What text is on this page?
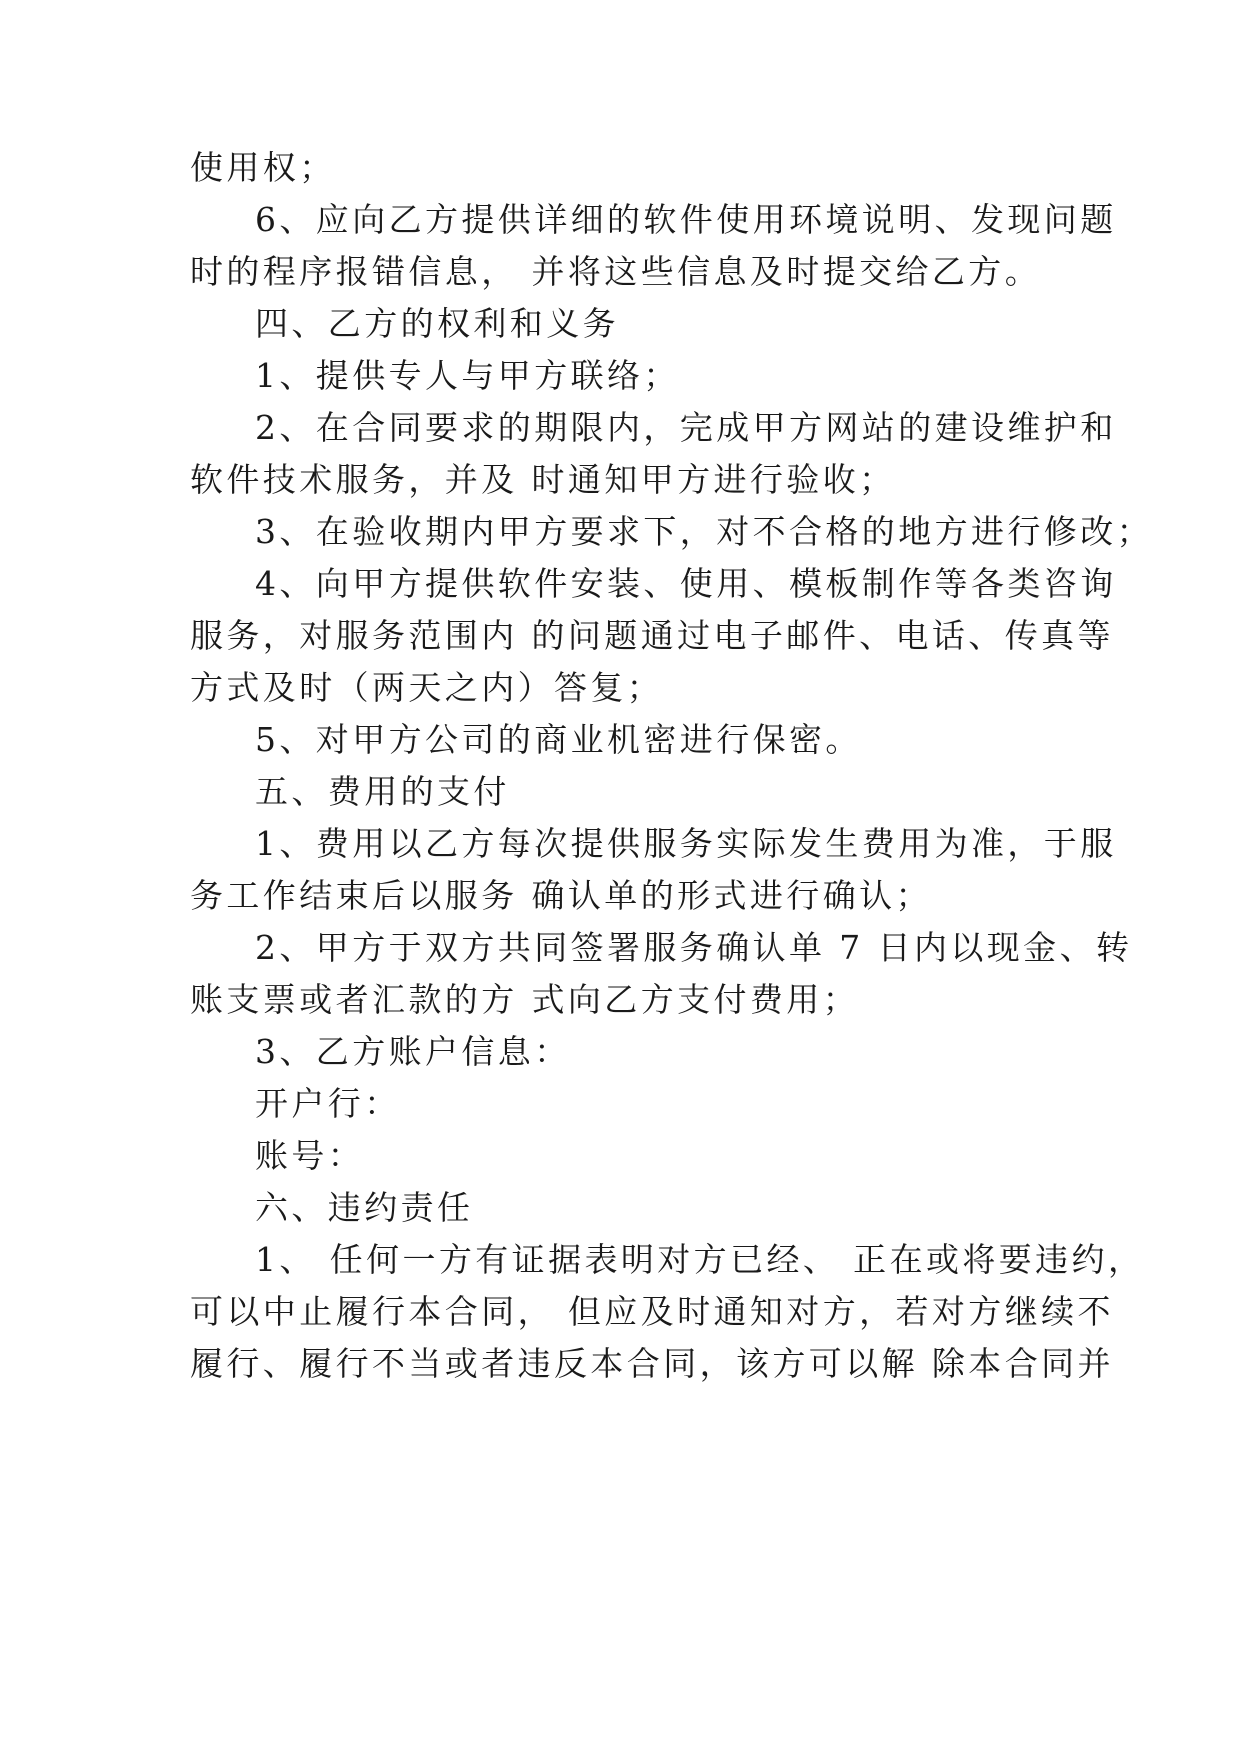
使用权；
6、应向乙方提供详细的软件使用环境说明、发现问题
时的程序报错信息， 并将这些信息及时提交给乙方。
四、乙方的权利和义务
1、提供专人与甲方联络；
2、在合同要求的期限内，完成甲方网站的建设维护和
软件技术服务，并及 时通知甲方进行验收；
3、在验收期内甲方要求下，对不合格的地方进行修改；
4、向甲方提供软件安装、使用、模板制作等各类咨询
服务，对服务范围内 的问题通过电子邮件、电话、传真等
方式及时（两天之内）答复；
5、对甲方公司的商业机密进行保密。
五、费用的支付
1、费用以乙方每次提供服务实际发生费用为准，于服
务工作结束后以服务 确认单的形式进行确认；
2、甲方于双方共同签署服务确认单 7 日内以现金、转
账支票或者汇款的方 式向乙方支付费用；
3、乙方账户信息：
开户行：
账号：
六、违约责任
1、 任何一方有证据表明对方已经、 正在或将要违约，
可以中止履行本合同， 但应及时通知对方，若对方继续不
履行、履行不当或者违反本合同，该方可以解 除本合同并
